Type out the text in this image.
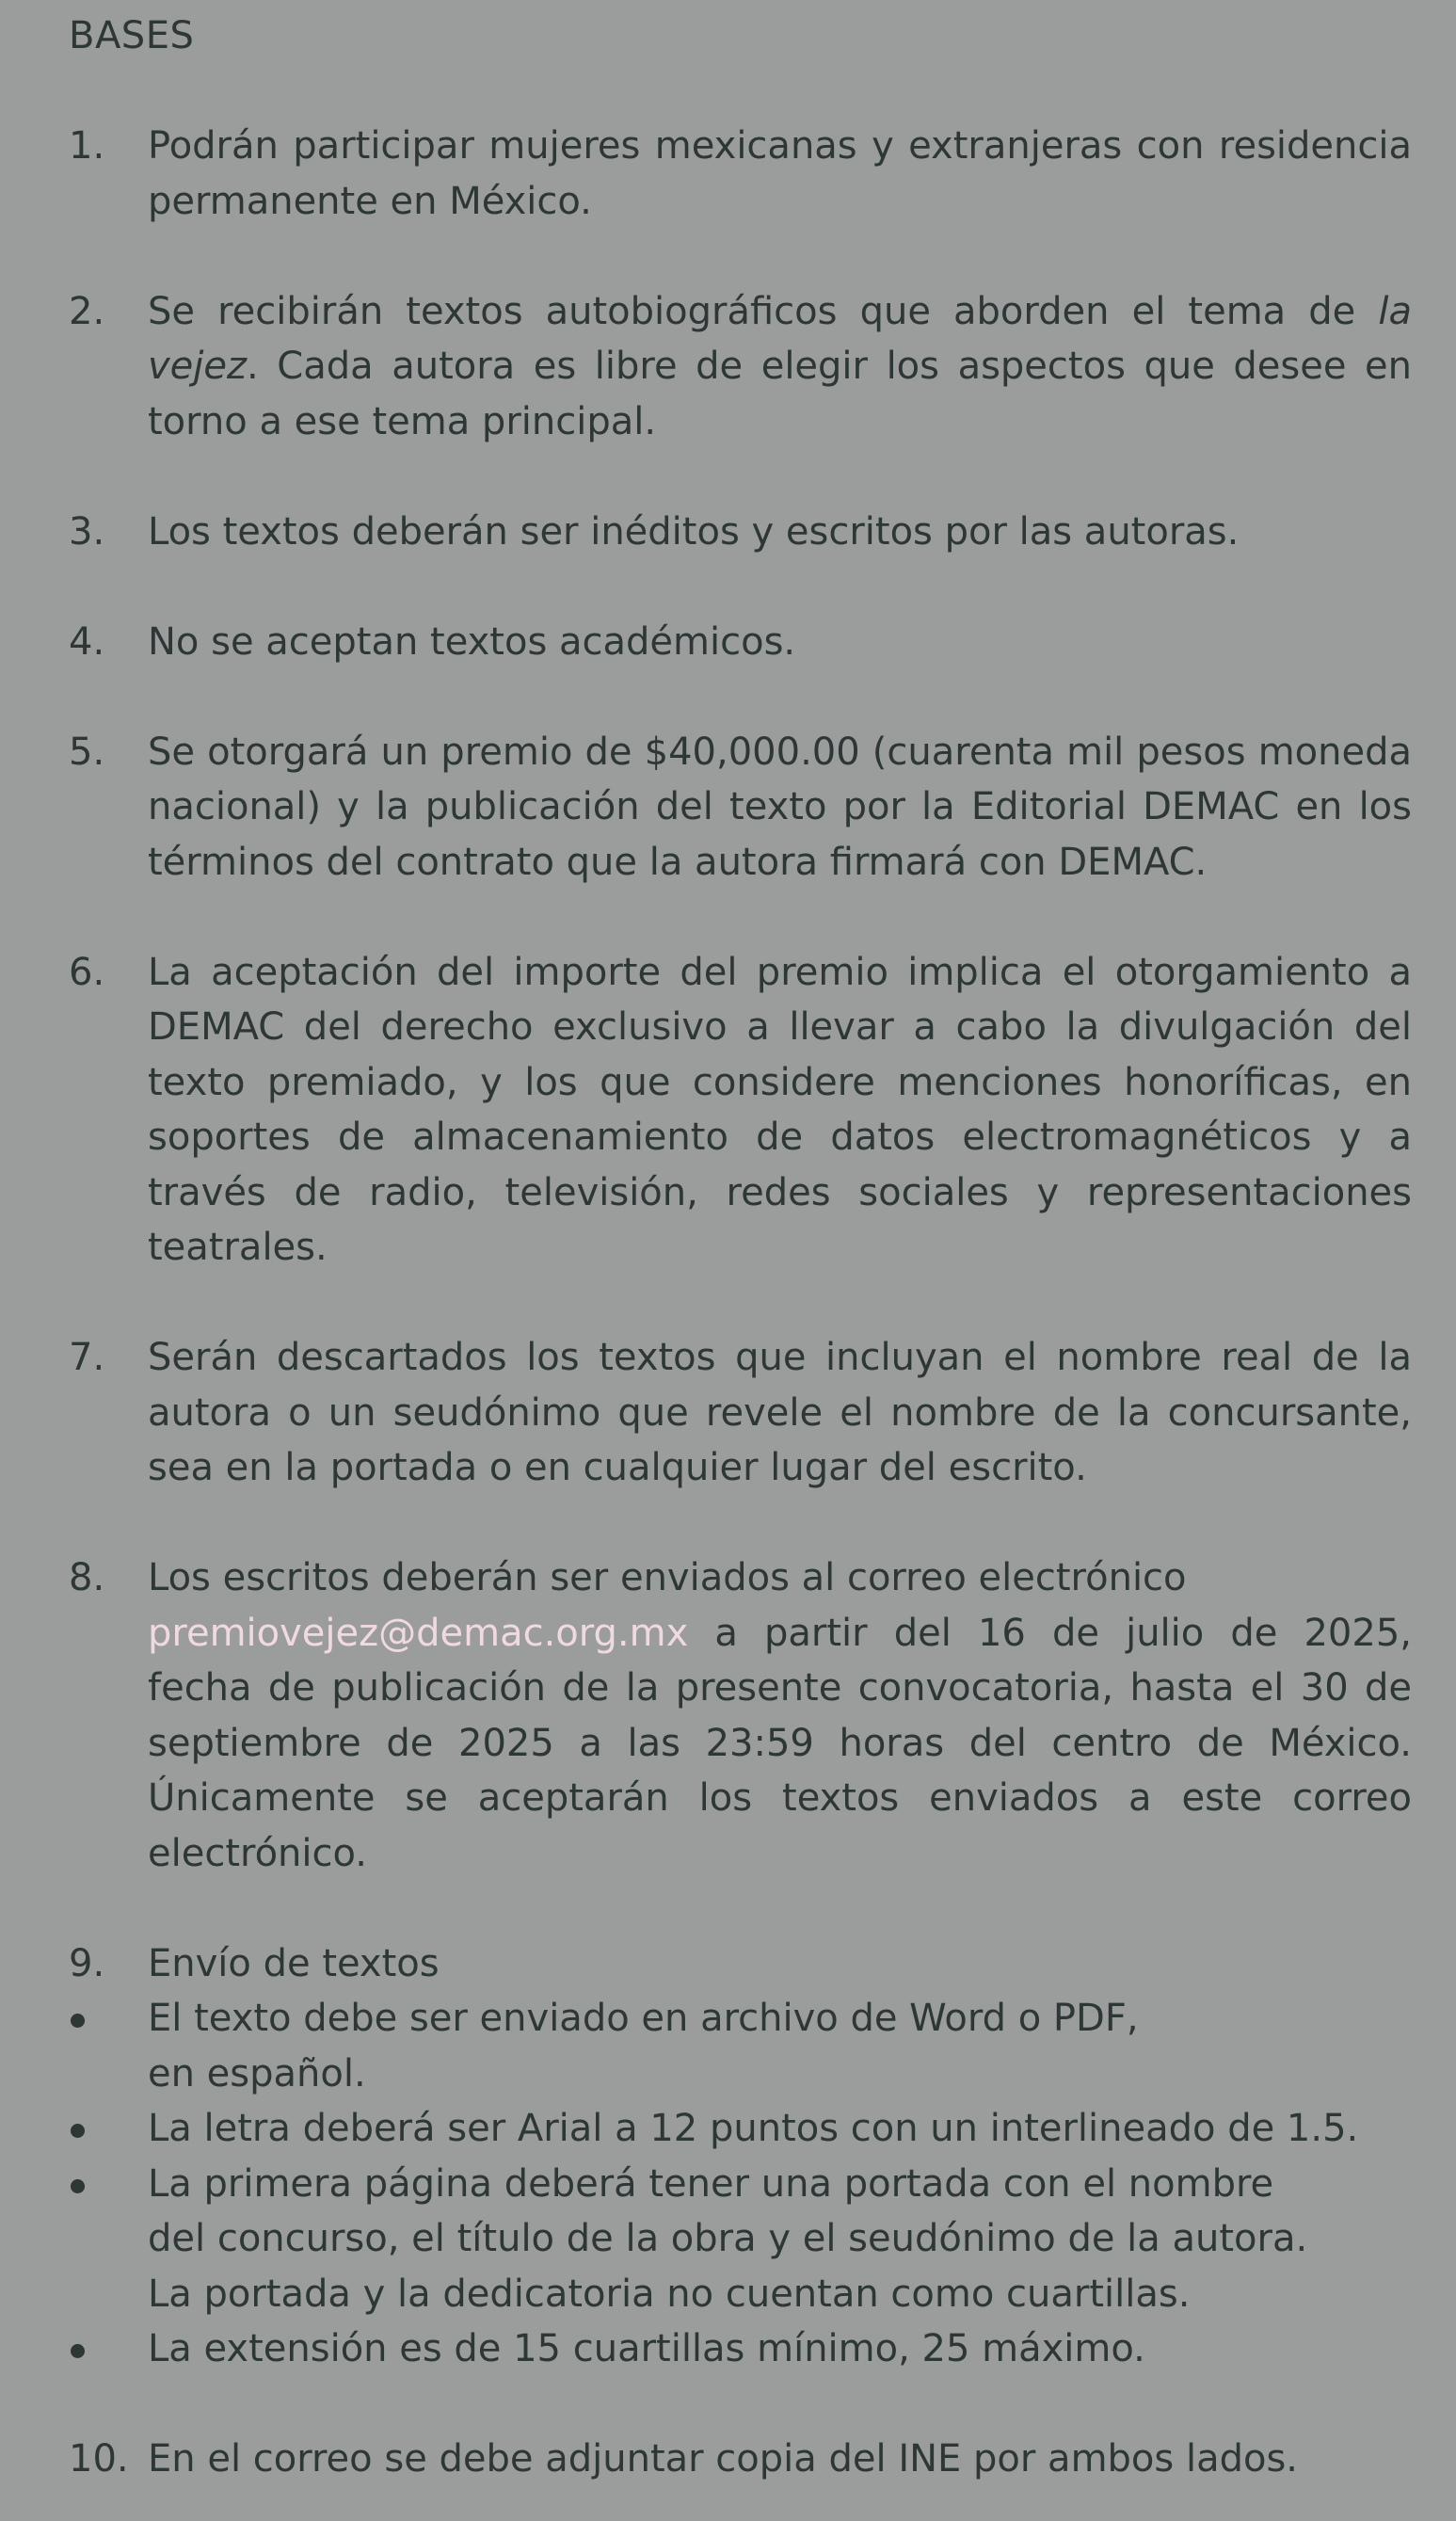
BASES
1.	Podrán participar mujeres mexicanas y extranjeras con residencia permanente en México.
2.	Se recibirán textos autobiográficos que aborden el tema de la vejez. Cada autora es libre de elegir los aspectos que desee en torno a ese tema principal.
3.	Los textos deberán ser inéditos y escritos por las autoras.
4.	No se aceptan textos académicos.
5.	Se otorgará un premio de $40,000.00 (cuarenta mil pesos moneda nacional) y la publicación del texto por la Editorial DEMAC en los términos del contrato que la autora firmará con DEMAC.
6.	La aceptación del importe del premio implica el otorgamiento a DEMAC del derecho exclusivo a llevar a cabo la divulgación del texto premiado, y los que considere menciones honoríficas, en soportes de almacenamiento de datos electromagnéticos y a través de radio, televisión, redes sociales y representaciones teatrales.
7.	Serán descartados los textos que incluyan el nombre real de la autora o un seudónimo que revele el nombre de la concursante, sea en la portada o en cualquier lugar del escrito.
8.	Los escritos deberán ser enviados al correo electrónico
premiovejez@demac.org.mx a partir del 16 de julio de 2025, fecha de publicación de la presente convocatoria, hasta el 30 de septiembre de 2025 a las 23:59 horas del centro de México. Únicamente se aceptarán los textos enviados a este correo electrónico.
9.	Envío de textos
El texto debe ser enviado en archivo de Word o PDF,
en español.
La letra deberá ser Arial a 12 puntos con un interlineado de 1.5.
La primera página deberá tener una portada con el nombre
del concurso, el título de la obra y el seudónimo de la autora.
La portada y la dedicatoria no cuentan como cuartillas.
La extensión es de 15 cuartillas mínimo, 25 máximo.
10. En el correo se debe adjuntar copia del INE por ambos lados.
